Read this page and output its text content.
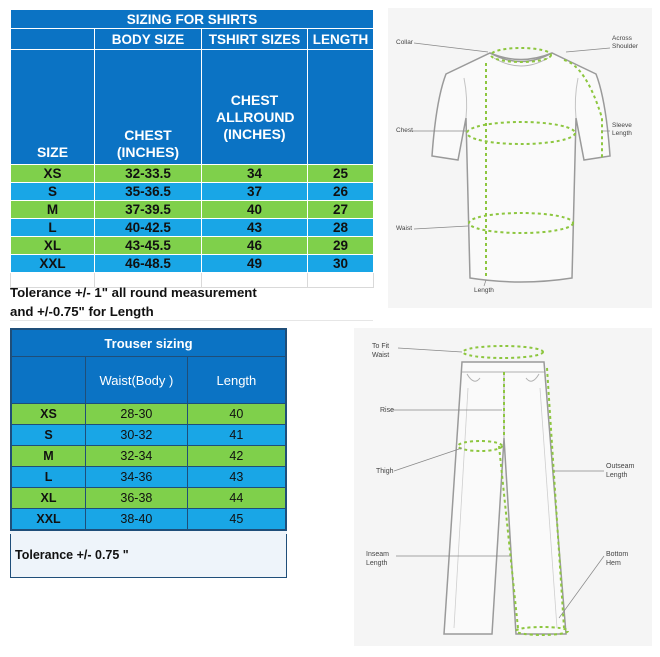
SIZING FOR SHIRTS			
	BODY SIZE	TSHIRT SIZES	LENGTH
SIZE	CHEST (INCHES)	CHEST ALLROUND (INCHES)	
XS	32-33.5	34	25
S	35-36.5	37	26
M	37-39.5	40	27
L	40-42.5	43	28
XL	43-45.5	46	29
XXL	46-48.5	49	30

Tolerance +/- 1" all round measurement
and +/-0.75" for Length
Trouser sizing		
	Waist(Body )	Length
XS	28-30	40
S	30-32	41
M	32-34	42
L	34-36	43
XL	36-38	44
XXL	38-40	45
Tolerance +/- 0.75 "
Collar
Across Shoulder
Chest
Sleeve Length
Waist
Length
To Fit Waist
Rise
Thigh
Outseam Length
Inseam Length
Bottom Hem
